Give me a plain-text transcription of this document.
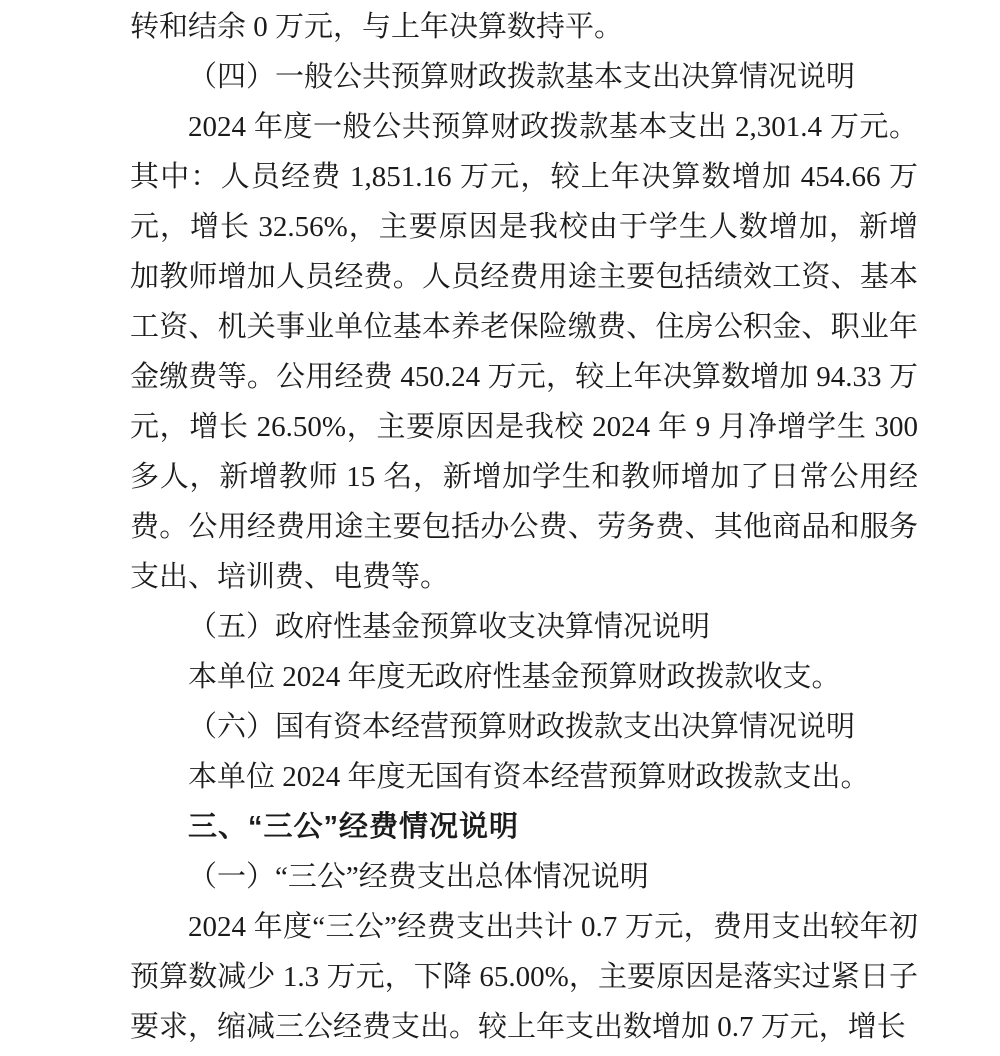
转和结余 0 万元，与上年决算数持平。

（四）一般公共预算财政拨款基本支出决算情况说明

2024 年度一般公共预算财政拨款基本支出 2,301.4 万元。其中：人员经费 1,851.16 万元，较上年决算数增加 454.66 万元，增长 32.56%，主要原因是我校由于学生人数增加，新增加教师增加人员经费。人员经费用途主要包括绩效工资、基本工资、机关事业单位基本养老保险缴费、住房公积金、职业年金缴费等。公用经费 450.24 万元，较上年决算数增加 94.33 万元，增长 26.50%，主要原因是我校 2024 年 9 月净增学生 300 多人，新增教师 15 名，新增加学生和教师增加了日常公用经费。公用经费用途主要包括办公费、劳务费、其他商品和服务支出、培训费、电费等。

（五）政府性基金预算收支决算情况说明

本单位 2024 年度无政府性基金预算财政拨款收支。

（六）国有资本经营预算财政拨款支出决算情况说明

本单位 2024 年度无国有资本经营预算财政拨款支出。

三、“三公”经费情况说明

（一）“三公”经费支出总体情况说明

2024 年度“三公”经费支出共计 0.7 万元，费用支出较年初预算数减少 1.3 万元，下降 65.00%，主要原因是落实过紧日子要求，缩减三公经费支出。较上年支出数增加 0.7 万元，增长
